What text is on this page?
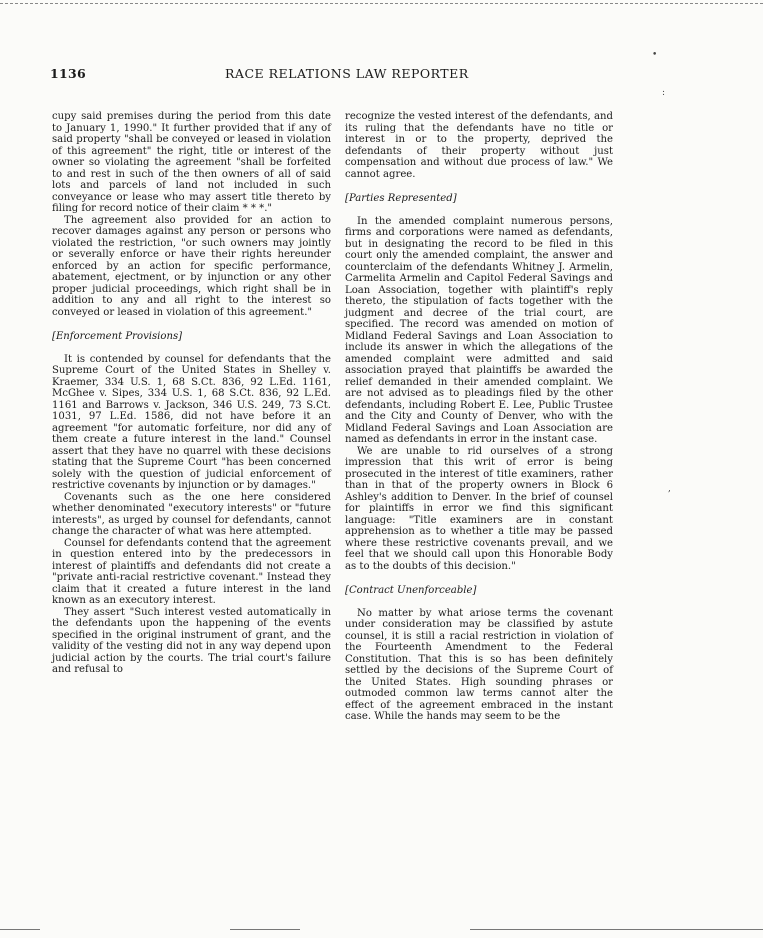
1136	RACE RELATIONS LAW REPORTER

cupy said premises during the period from this date to January 1, 1990." It further provided that if any of said property "shall be conveyed or leased in violation of this agreement" the right, title or interest of the owner so violating the agreement "shall be forfeited to and rest in such of the then owners of all of said lots and parcels of land not included in such conveyance or lease who may assert title thereto by filing for record notice of their claim * * *."

The agreement also provided for an action to recover damages against any person or persons who violated the restriction, "or such owners may jointly or severally enforce or have their rights hereunder enforced by an action for specific performance, abatement, ejectment, or by injunction or any other proper judicial proceedings, which right shall be in addition to any and all right to the interest so conveyed or leased in violation of this agreement."

[Enforcement Provisions]

It is contended by counsel for defendants that the Supreme Court of the United States in Shelley v. Kraemer, 334 U.S. 1, 68 S.Ct. 836, 92 L.Ed. 1161, McGhee v. Sipes, 334 U.S. 1, 68 S.Ct. 836, 92 L.Ed. 1161 and Barrows v. Jackson, 346 U.S. 249, 73 S.Ct. 1031, 97 L.Ed. 1586, did not have before it an agreement "for automatic forfeiture, nor did any of them create a future interest in the land." Counsel assert that they have no quarrel with these decisions stating that the Supreme Court "has been concerned solely with the question of judicial enforcement of restrictive covenants by injunction or by damages."

Covenants such as the one here considered whether denominated "executory interests" or "future interests", as urged by counsel for defendants, cannot change the character of what was here attempted.

Counsel for defendants contend that the agreement in question entered into by the predecessors in interest of plaintiffs and defendants did not create a "private anti-racial restrictive covenant." Instead they claim that it created a future interest in the land known as an executory interest.

They assert "Such interest vested automatically in the defendants upon the happening of the events specified in the original instrument of grant, and the validity of the vesting did not in any way depend upon judicial action by the courts. The trial court's failure and refusal to

recognize the vested interest of the defendants, and its ruling that the defendants have no title or interest in or to the property, deprived the defendants of their property without just compensation and without due process of law." We cannot agree.

[Parties Represented]

In the amended complaint numerous persons, firms and corporations were named as defendants, but in designating the record to be filed in this court only the amended complaint, the answer and counterclaim of the defendants Whitney J. Armelin, Carmelita Armelin and Capitol Federal Savings and Loan Association, together with plaintiff's reply thereto, the stipulation of facts together with the judgment and decree of the trial court, are specified. The record was amended on motion of Midland Federal Savings and Loan Association to include its answer in which the allegations of the amended complaint were admitted and said association prayed that plaintiffs be awarded the relief demanded in their amended complaint. We are not advised as to pleadings filed by the other defendants, including Robert E. Lee, Public Trustee and the City and County of Denver, who with the Midland Federal Savings and Loan Association are named as defendants in error in the instant case.

We are unable to rid ourselves of a strong impression that this writ of error is being prosecuted in the interest of title examiners, rather than in that of the property owners in Block 6 Ashley's addition to Denver. In the brief of counsel for plaintiffs in error we find this significant language: "Title examiners are in constant apprehension as to whether a title may be passed where these restrictive covenants prevail, and we feel that we should call upon this Honorable Body as to the doubts of this decision."

[Contract Unenforceable]

No matter by what ariose terms the covenant under consideration may be classified by astute counsel, it is still a racial restriction in violation of the Fourteenth Amendment to the Federal Constitution. That this is so has been definitely settled by the decisions of the Supreme Court of the United States. High sounding phrases or outmoded common law terms cannot alter the effect of the agreement embraced in the instant case. While the hands may seem to be the

•
:
,
